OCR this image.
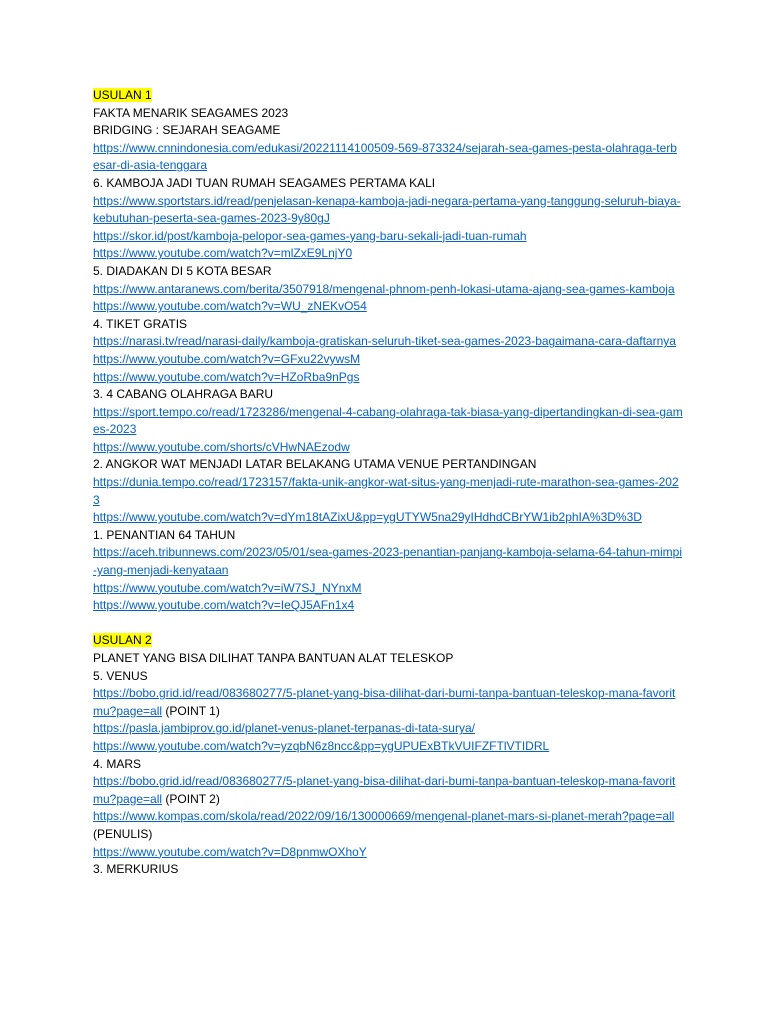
USULAN 1
FAKTA MENARIK SEAGAMES 2023
BRIDGING : SEJARAH SEAGAME
https://www.cnnindonesia.com/edukasi/20221114100509-569-873324/sejarah-sea-games-pesta-olahraga-terbesar-di-asia-tenggara
6. KAMBOJA JADI TUAN RUMAH SEAGAMES PERTAMA KALI
https://www.sportstars.id/read/penjelasan-kenapa-kamboja-jadi-negara-pertama-yang-tanggung-seluruh-biaya-kebutuhan-peserta-sea-games-2023-9y80gJ
https://skor.id/post/kamboja-pelopor-sea-games-yang-baru-sekali-jadi-tuan-rumah
https://www.youtube.com/watch?v=mlZxE9LnjY0
5. DIADAKAN DI 5 KOTA BESAR
https://www.antaranews.com/berita/3507918/mengenal-phnom-penh-lokasi-utama-ajang-sea-games-kamboja
https://www.youtube.com/watch?v=WU_zNEKvO54
4. TIKET GRATIS
https://narasi.tv/read/narasi-daily/kamboja-gratiskan-seluruh-tiket-sea-games-2023-bagaimana-cara-daftarnya
https://www.youtube.com/watch?v=GFxu22vywsM
https://www.youtube.com/watch?v=HZoRba9nPgs
3. 4 CABANG OLAHRAGA BARU
https://sport.tempo.co/read/1723286/mengenal-4-cabang-olahraga-tak-biasa-yang-dipertandingkan-di-sea-games-2023
https://www.youtube.com/shorts/cVHwNAEzodw
2. ANGKOR WAT MENJADI LATAR BELAKANG UTAMA VENUE PERTANDINGAN
https://dunia.tempo.co/read/1723157/fakta-unik-angkor-wat-situs-yang-menjadi-rute-marathon-sea-games-2023
https://www.youtube.com/watch?v=dYm18tAZixU&pp=ygUTYW5na29yIHdhdCBrYW1ib2phIA%3D%3D
1. PENANTIAN 64 TAHUN
https://aceh.tribunnews.com/2023/05/01/sea-games-2023-penantian-panjang-kamboja-selama-64-tahun-mimpi-yang-menjadi-kenyataan
https://www.youtube.com/watch?v=iW7SJ_NYnxM
https://www.youtube.com/watch?v=IeQJ5AFn1x4
USULAN 2
PLANET YANG BISA DILIHAT TANPA BANTUAN ALAT TELESKOP
5. VENUS
https://bobo.grid.id/read/083680277/5-planet-yang-bisa-dilihat-dari-bumi-tanpa-bantuan-teleskop-mana-favoritmu?page=all (POINT 1)
https://pasla.jambiprov.go.id/planet-venus-planet-terpanas-di-tata-surya/
https://www.youtube.com/watch?v=yzqbN6z8ncc&pp=ygUPUExBTkVUIFZFTlVTIDRL
4. MARS
https://bobo.grid.id/read/083680277/5-planet-yang-bisa-dilihat-dari-bumi-tanpa-bantuan-teleskop-mana-favoritmu?page=all (POINT 2)
https://www.kompas.com/skola/read/2022/09/16/130000669/mengenal-planet-mars-si-planet-merah?page=all (PENULIS)
https://www.youtube.com/watch?v=D8pnmwOXhoY
3. MERKURIUS
